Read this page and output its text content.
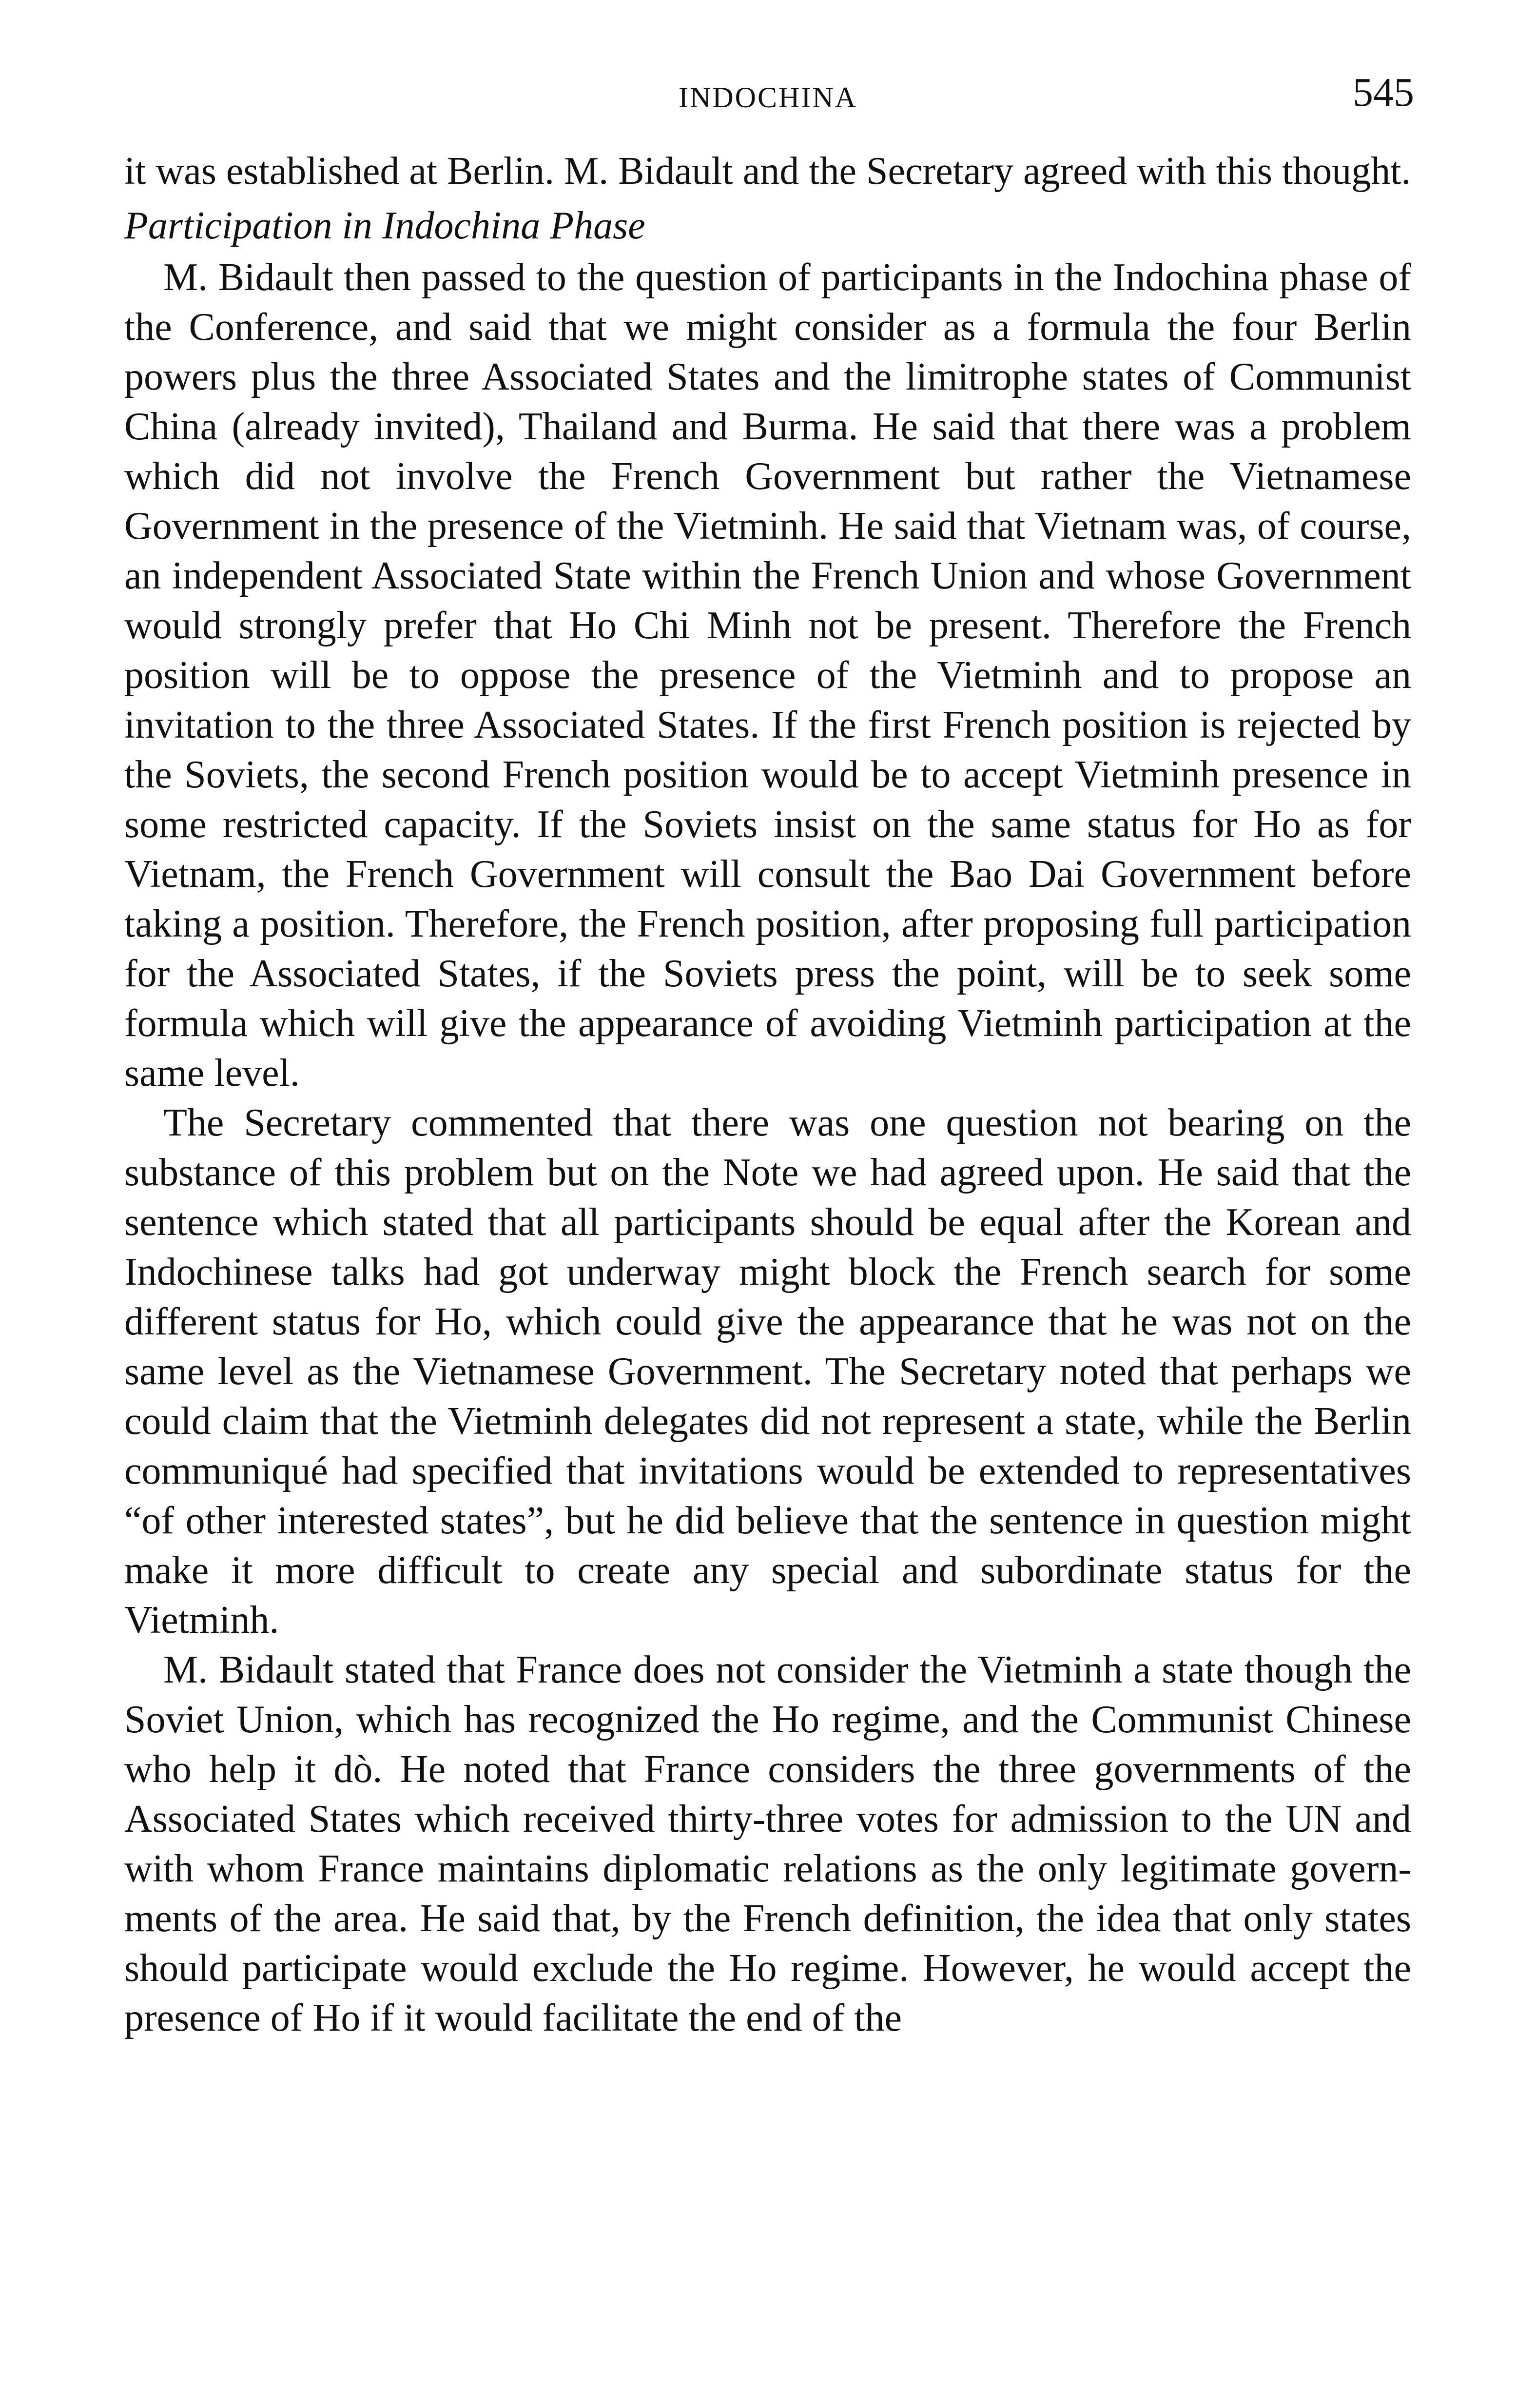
INDOCHINA	545

it was established at Berlin. M. Bidault and the Secretary agreed with this thought.

Participation in Indochina Phase

M. Bidault then passed to the question of participants in the Indochina phase of the Conference, and said that we might consider as a formula the four Berlin powers plus the three Associated States and the limitrophe states of Communist China (already invited), Thailand and Burma. He said that there was a problem which did not involve the French Government but rather the Vietnamese Government in the presence of the Vietminh. He said that Vietnam was, of course, an independent Associated State within the French Union and whose Government would strongly prefer that Ho Chi Minh not be present. Therefore the French position will be to oppose the presence of the Vietminh and to propose an invitation to the three Associated States. If the first French position is rejected by the Soviets, the second French position would be to accept Vietminh presence in some restricted capacity. If the Soviets insist on the same status for Ho as for Vietnam, the French Government will consult the Bao Dai Government before taking a position. Therefore, the French position, after proposing full participation for the Associated States, if the Soviets press the point, will be to seek some formula which will give the appearance of avoiding Vietminh participation at the same level.

The Secretary commented that there was one question not bearing on the substance of this problem but on the Note we had agreed upon. He said that the sentence which stated that all participants should be equal after the Korean and Indochinese talks had got underway might block the French search for some different status for Ho, which could give the appearance that he was not on the same level as the Vietnamese Government. The Secretary noted that perhaps we could claim that the Vietminh delegates did not represent a state, while the Berlin communiqué had specified that invitations would be extended to representatives “of other interested states”, but he did believe that the sentence in question might make it more difficult to create any special and subordinate status for the Vietminh.

M. Bidault stated that France does not consider the Vietminh a state though the Soviet Union, which has recognized the Ho regime, and the Communist Chinese who help it dò. He noted that France considers the three governments of the Associated States which received thirty-three votes for admission to the UN and with whom France maintains diplomatic relations as the only legitimate governments of the area. He said that, by the French definition, the idea that only states should participate would exclude the Ho regime. However, he would accept the presence of Ho if it would facilitate the end of the
